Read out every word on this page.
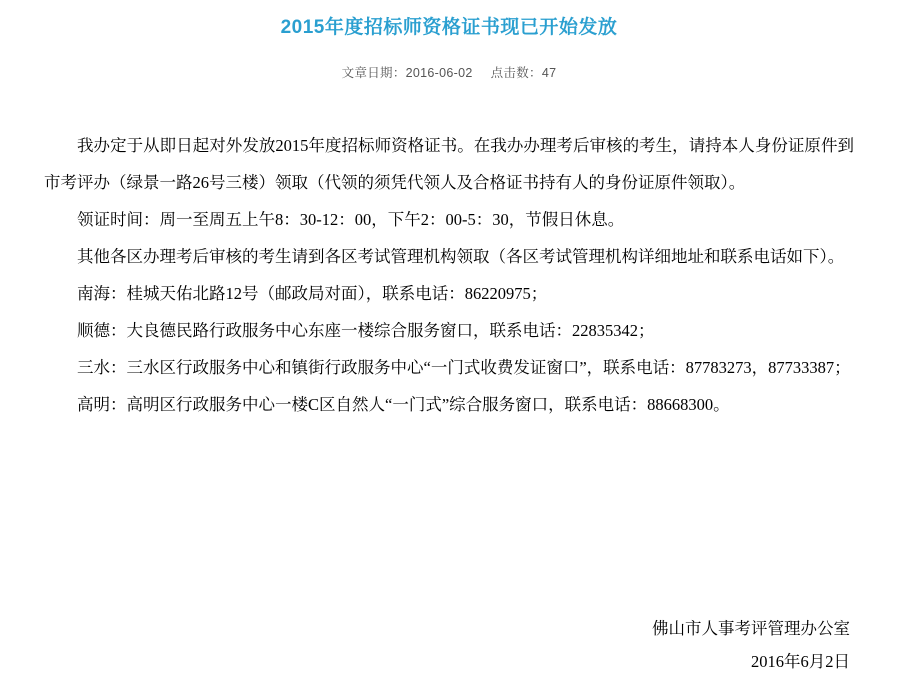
2015年度招标师资格证书现已开始发放
文章日期：2016-06-02 点击数：47

我办定于从即日起对外发放2015年度招标师资格证书。在我办办理考后审核的考生，请持本人身份证原件到市考评办（绿景一路26号三楼）领取（代领的须凭代领人及合格证书持有人的身份证原件领取）。

领证时间：周一至周五上午8：30-12：00，下午2：00-5：30，节假日休息。

其他各区办理考后审核的考生请到各区考试管理机构领取（各区考试管理机构详细地址和联系电话如下）。

南海：桂城天佑北路12号（邮政局对面），联系电话：86220975；

顺德：大良德民路行政服务中心东座一楼综合服务窗口，联系电话：22835342；

三水：三水区行政服务中心和镇街行政服务中心“一门式收费发证窗口”，联系电话：87783273，87733387；

高明：高明区行政服务中心一楼C区自然人“一门式”综合服务窗口，联系电话：88668300。

佛山市人事考评管理办公室
2016年6月2日
